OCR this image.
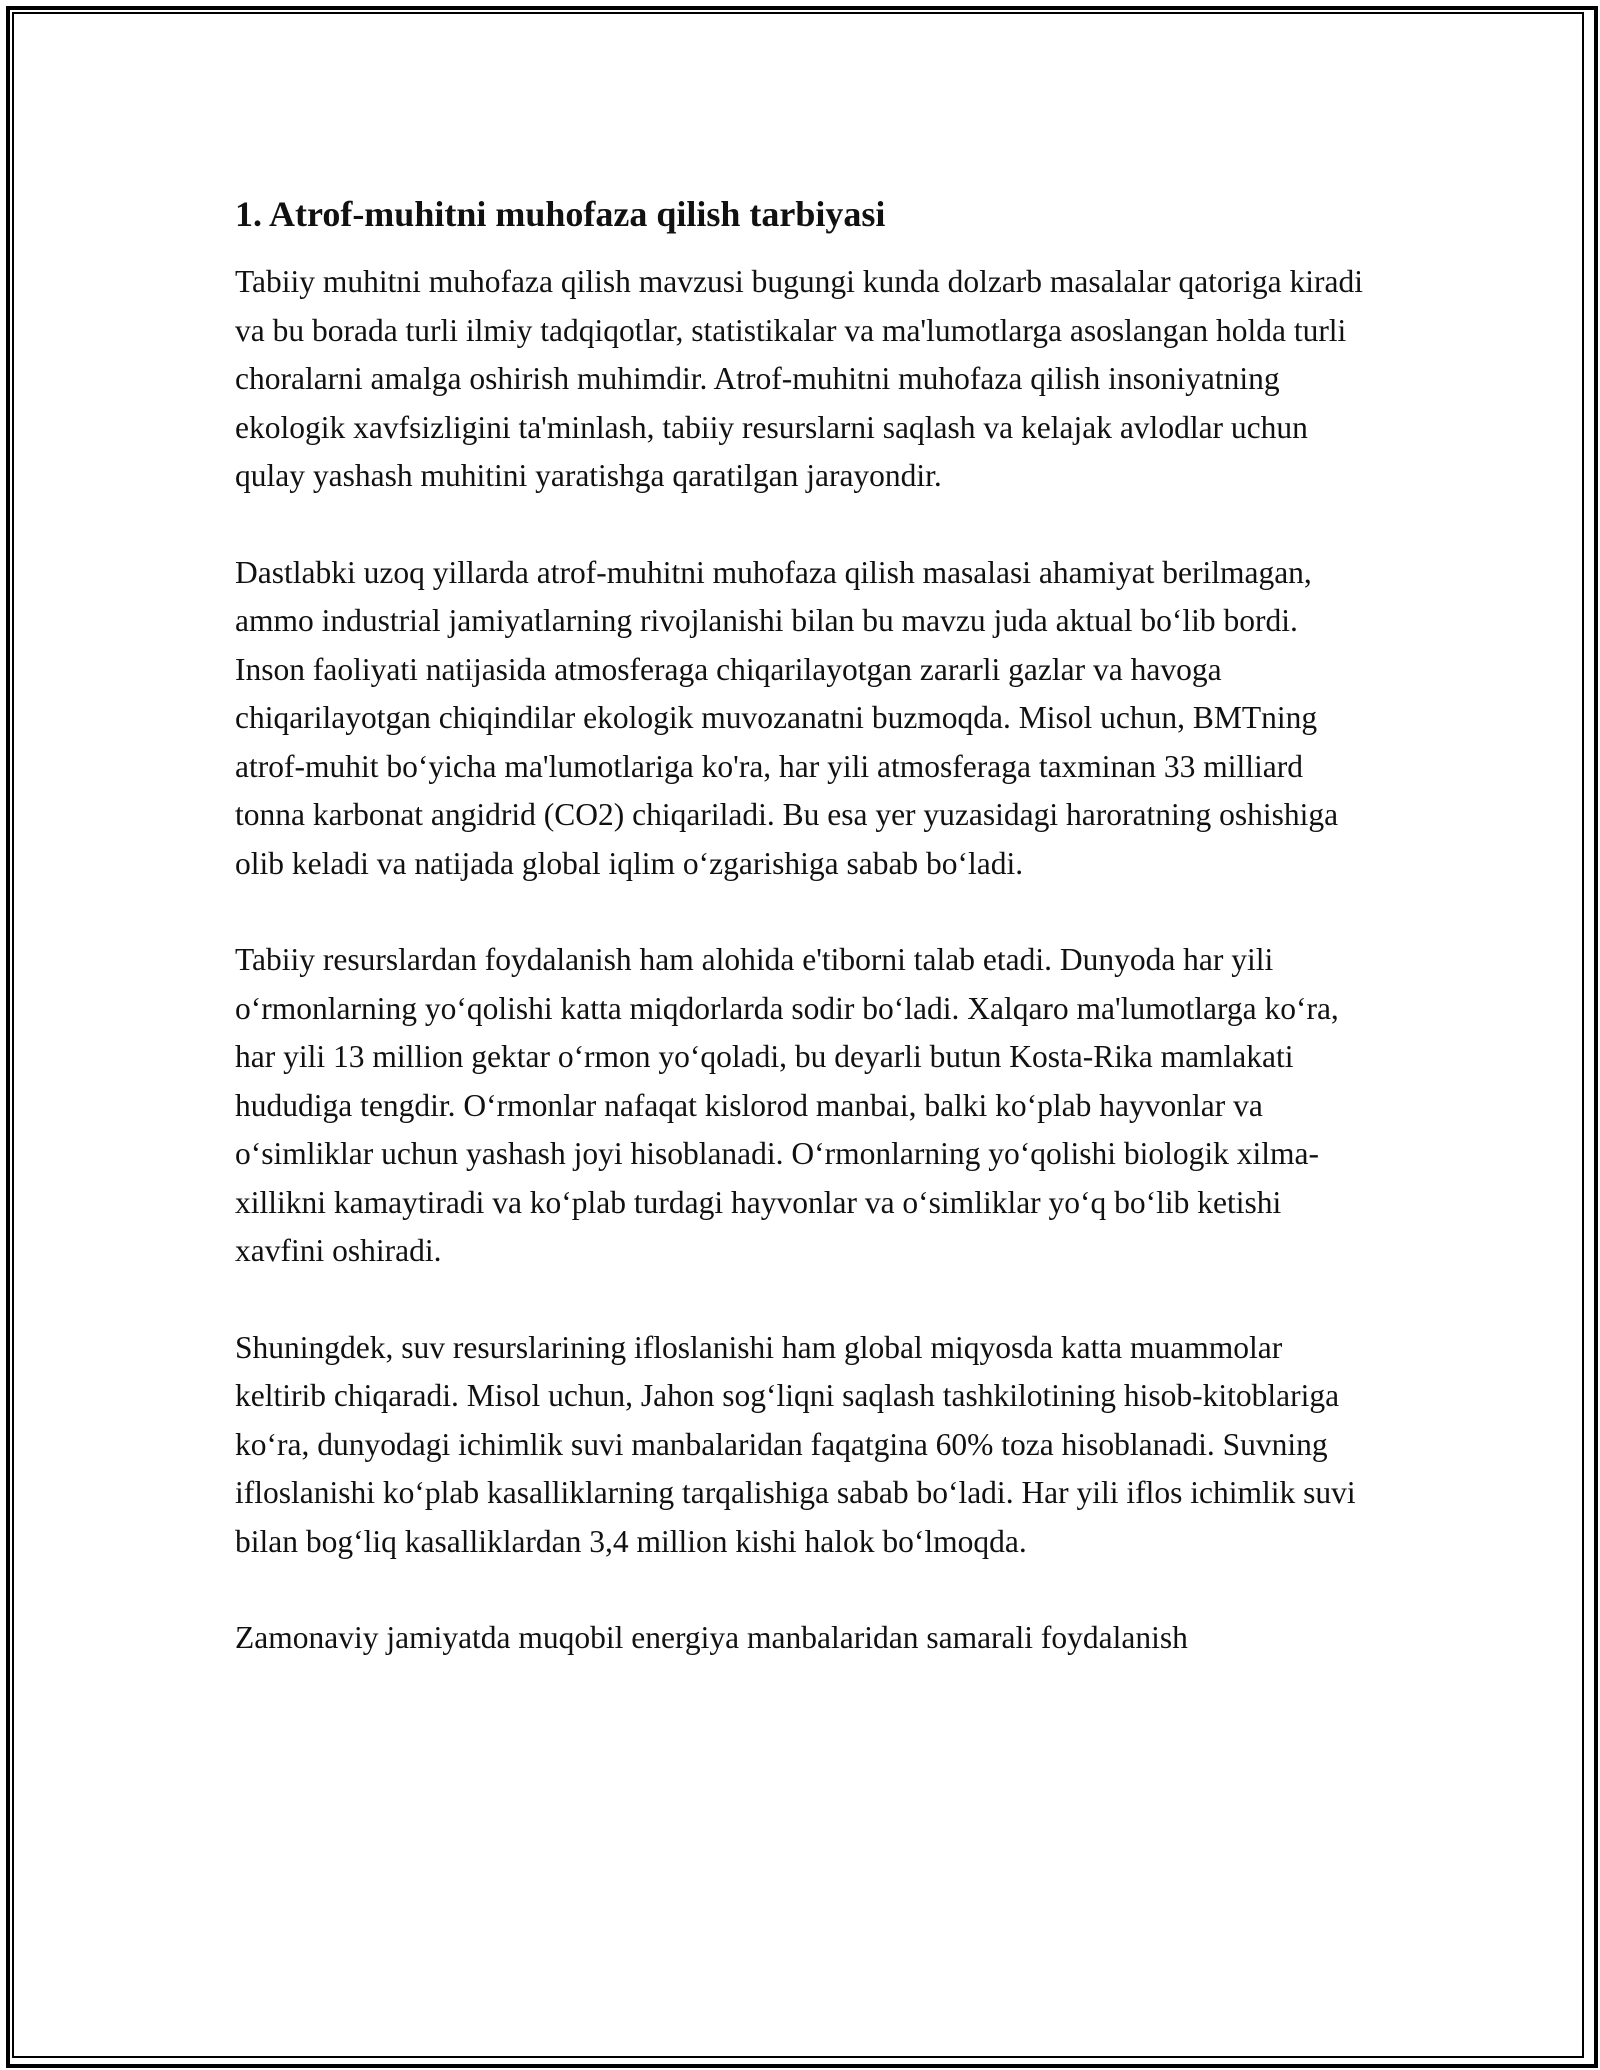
1. Atrof-muhitni muhofaza qilish tarbiyasi

Tabiiy muhitni muhofaza qilish mavzusi bugungi kunda dolzarb masalalar qatoriga kiradi va bu borada turli ilmiy tadqiqotlar, statistikalar va ma'lumotlarga asoslangan holda turli choralarni amalga oshirish muhimdir. Atrof-muhitni muhofaza qilish insoniyatning ekologik xavfsizligini ta'minlash, tabiiy resurslarni saqlash va kelajak avlodlar uchun qulay yashash muhitini yaratishga qaratilgan jarayondir.

Dastlabki uzoq yillarda atrof-muhitni muhofaza qilish masalasi ahamiyat berilmagan, ammo industrial jamiyatlarning rivojlanishi bilan bu mavzu juda aktual bo‘lib bordi. Inson faoliyati natijasida atmosferaga chiqarilayotgan zararli gazlar va havoga chiqarilayotgan chiqindilar ekologik muvozanatni buzmoqda. Misol uchun, BMTning atrof-muhit bo‘yicha ma'lumotlariga ko'ra, har yili atmosferaga taxminan 33 milliard tonna karbonat angidrid (CO2) chiqariladi. Bu esa yer yuzasidagi haroratning oshishiga olib keladi va natijada global iqlim o‘zgarishiga sabab bo‘ladi.

Tabiiy resurslardan foydalanish ham alohida e'tiborni talab etadi. Dunyoda har yili o‘rmonlarning yo‘qolishi katta miqdorlarda sodir bo‘ladi. Xalqaro ma'lumotlarga ko‘ra, har yili 13 million gektar o‘rmon yo‘qoladi, bu deyarli butun Kosta-Rika mamlakati hududiga tengdir. O‘rmonlar nafaqat kislorod manbai, balki ko‘plab hayvonlar va o‘simliklar uchun yashash joyi hisoblanadi. O‘rmonlarning yo‘qolishi biologik xilma-xillikni kamaytiradi va ko‘plab turdagi hayvonlar va o‘simliklar yo‘q bo‘lib ketishi xavfini oshiradi.

Shuningdek, suv resurslarining ifloslanishi ham global miqyosda katta muammolar keltirib chiqaradi. Misol uchun, Jahon sog‘liqni saqlash tashkilotining hisob-kitoblariga ko‘ra, dunyodagi ichimlik suvi manbalaridan faqatgina 60% toza hisoblanadi. Suvning ifloslanishi ko‘plab kasalliklarning tarqalishiga sabab bo‘ladi. Har yili iflos ichimlik suvi bilan bog‘liq kasalliklardan 3,4 million kishi halok bo‘lmoqda.

Zamonaviy jamiyatda muqobil energiya manbalaridan samarali foydalanish
